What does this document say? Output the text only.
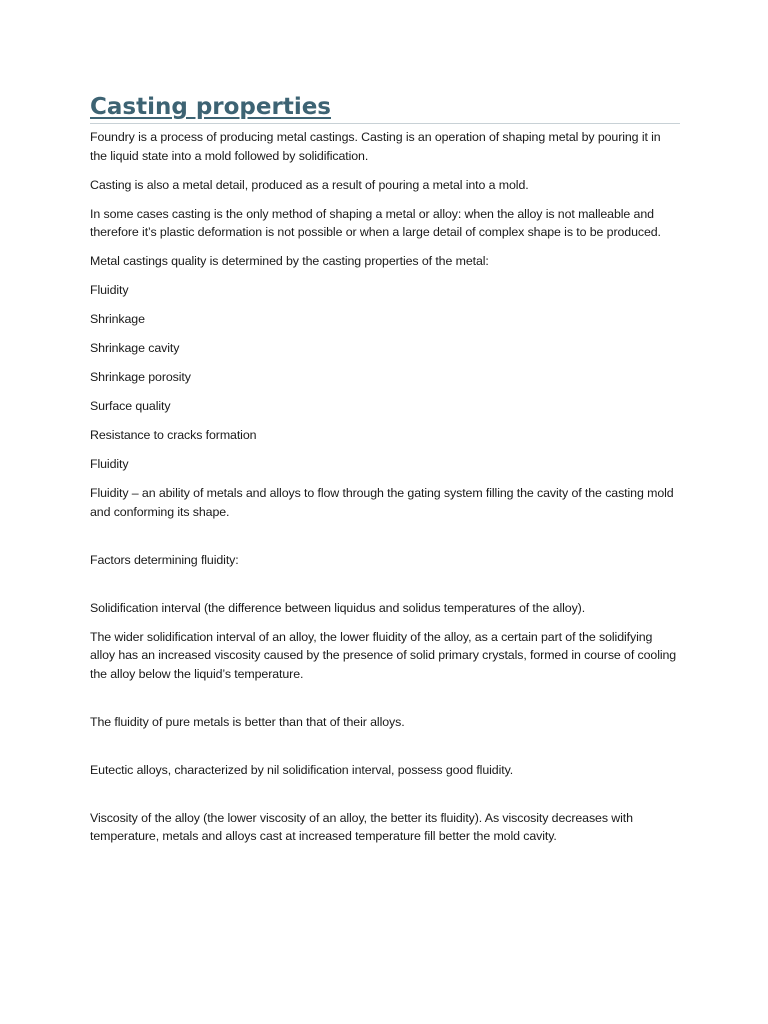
Casting properties

Foundry is a process of producing metal castings. Casting is an operation of shaping metal by pouring it in the liquid state into a mold followed by solidification.

Casting is also a metal detail, produced as a result of pouring a metal into a mold.

In some cases casting is the only method of shaping a metal or alloy: when the alloy is not malleable and therefore it’s plastic deformation is not possible or when a large detail of complex shape is to be produced.

Metal castings quality is determined by the casting properties of the metal:

Fluidity

Shrinkage

Shrinkage cavity

Shrinkage porosity

Surface quality

Resistance to cracks formation

Fluidity

Fluidity – an ability of metals and alloys to flow through the gating system filling the cavity of the casting mold and conforming its shape.

Factors determining fluidity:

Solidification interval (the difference between liquidus and solidus temperatures of the alloy).

The wider solidification interval of an alloy, the lower fluidity of the alloy, as a certain part of the solidifying alloy has an increased viscosity caused by the presence of solid primary crystals, formed in course of cooling the alloy below the liquid’s temperature.

The fluidity of pure metals is better than that of their alloys.

Eutectic alloys, characterized by nil solidification interval, possess good fluidity.

Viscosity of the alloy (the lower viscosity of an alloy, the better its fluidity). As viscosity decreases with temperature, metals and alloys cast at increased temperature fill better the mold cavity.
